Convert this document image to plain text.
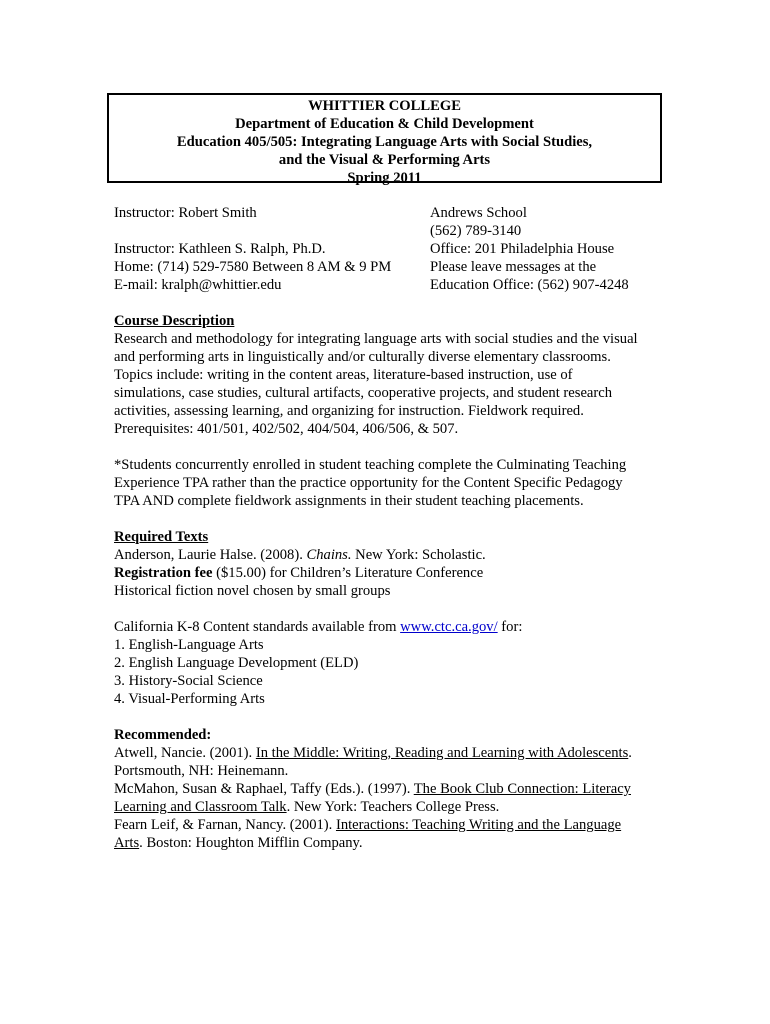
WHITTIER COLLEGE
Department of Education & Child Development
Education 405/505: Integrating Language Arts with Social Studies,
and the Visual & Performing Arts
Spring 2011
Instructor: Robert Smith
Instructor: Kathleen S. Ralph, Ph.D.
Home: (714) 529-7580 Between 8 AM & 9 PM
E-mail: kralph@whittier.edu
Andrews School
(562) 789-3140
Office: 201 Philadelphia House
Please leave messages at the
Education Office: (562) 907-4248
Course Description
Research and methodology for integrating language arts with social studies and the visual
and performing arts in linguistically and/or culturally diverse elementary classrooms.
Topics include: writing in the content areas, literature-based instruction, use of
simulations, case studies, cultural artifacts, cooperative projects, and student research
activities, assessing learning, and organizing for instruction. Fieldwork required.
Prerequisites: 401/501, 402/502, 404/504, 406/506, & 507.
*Students concurrently enrolled in student teaching complete the Culminating Teaching
Experience TPA rather than the practice opportunity for the Content Specific Pedagogy
TPA AND complete fieldwork assignments in their student teaching placements.
Required Texts
Anderson, Laurie Halse. (2008). Chains. New York: Scholastic.
Registration fee ($15.00) for Children’s Literature Conference
Historical fiction novel chosen by small groups
California K-8 Content standards available from www.ctc.ca.gov/ for:
1. English-Language Arts
2. English Language Development (ELD)
3. History-Social Science
4. Visual-Performing Arts
Recommended:
Atwell, Nancie. (2001). In the Middle: Writing, Reading and Learning with Adolescents.
Portsmouth, NH: Heinemann.
McMahon, Susan & Raphael, Taffy (Eds.). (1997). The Book Club Connection: Literacy
Learning and Classroom Talk. New York: Teachers College Press.
Fearn Leif, & Farnan, Nancy. (2001). Interactions: Teaching Writing and the Language
Arts. Boston: Houghton Mifflin Company.
